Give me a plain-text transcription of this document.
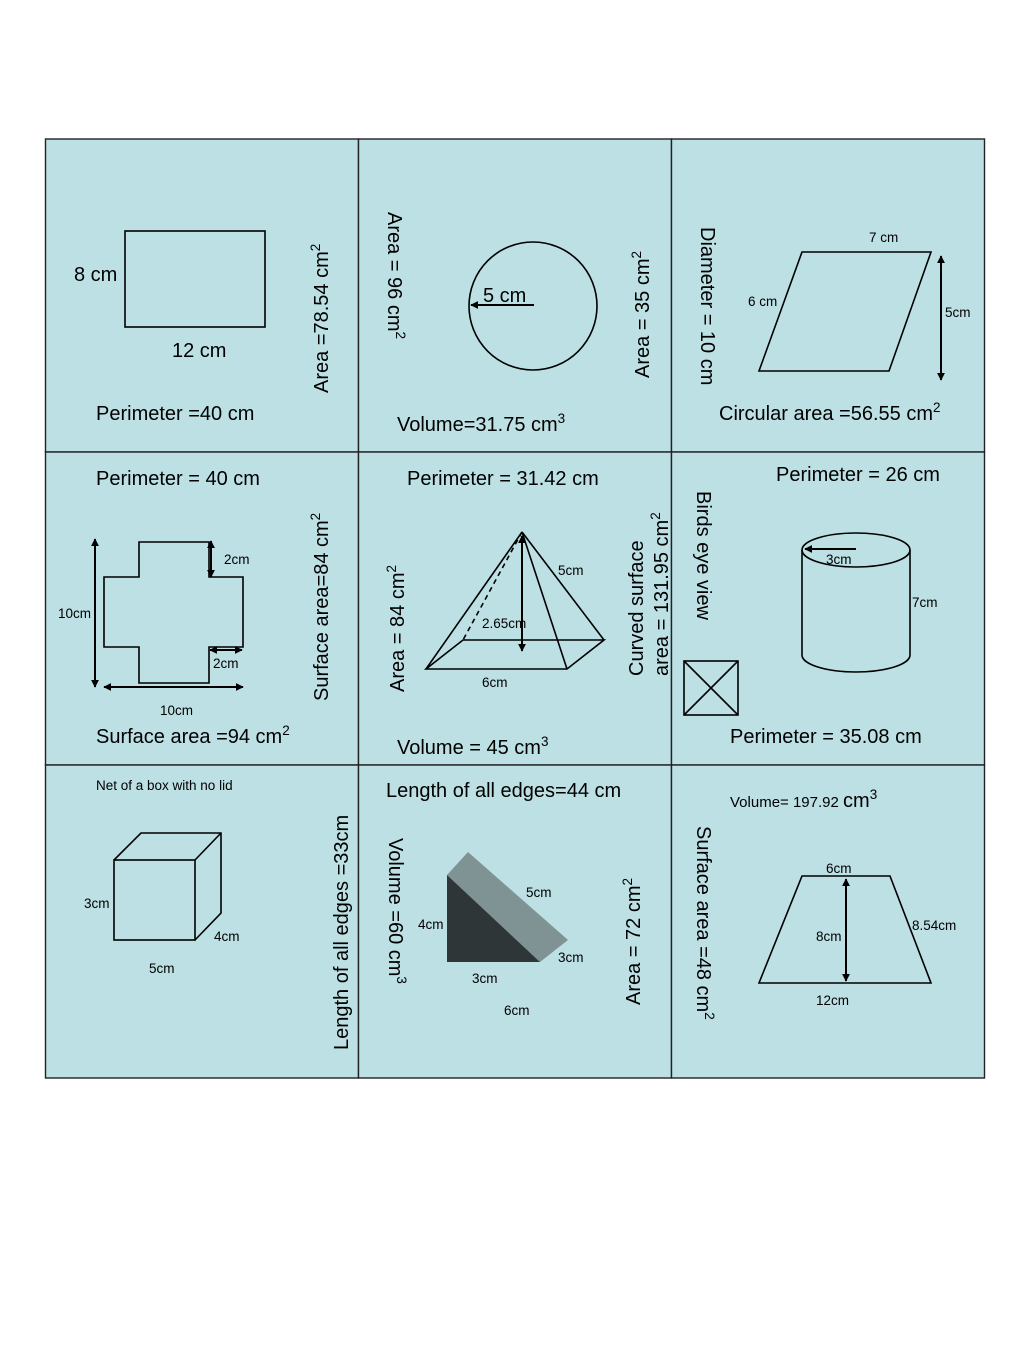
8 cm
12 cm	Area =78.54 $cm^2$
Perimeter =40 cm
Area = 96 $cm^2$
5 cm	Area = 35 $cm^2$
Volume=31.75 $cm^3$
Diameter = 10 cm	7 cm
6 cm
5cm
Circular area =56.55 $cm^2$
Perimeter = 40 cm
10cm
2cm
2cm
10cm
Surface area=84 $cm^2$
Surface area =94 $cm^2$
Perimeter = 31.42 cm
Area = 84 $cm^2$	5cm
2.65cm
6cm
Curved surface area = 131.95 $cm^2$
Volume = 45 $cm^3$
Birds eye view
Perimeter = 26 cm
3cm
7cm
Perimeter = 35.08 cm
Net of a box with no lid
3cm
4cm
5cm	Length of all edges =33cm
Length of all edges=44 cm
Volume =60 $cm^3$
5cm
4cm
3cm
3cm
6cm
Area = 72 $cm^2$	Surface area =48 $cm^2$
Volume= 197.92 $cm^3$
6cm
8cm
8.54cm
12cm
